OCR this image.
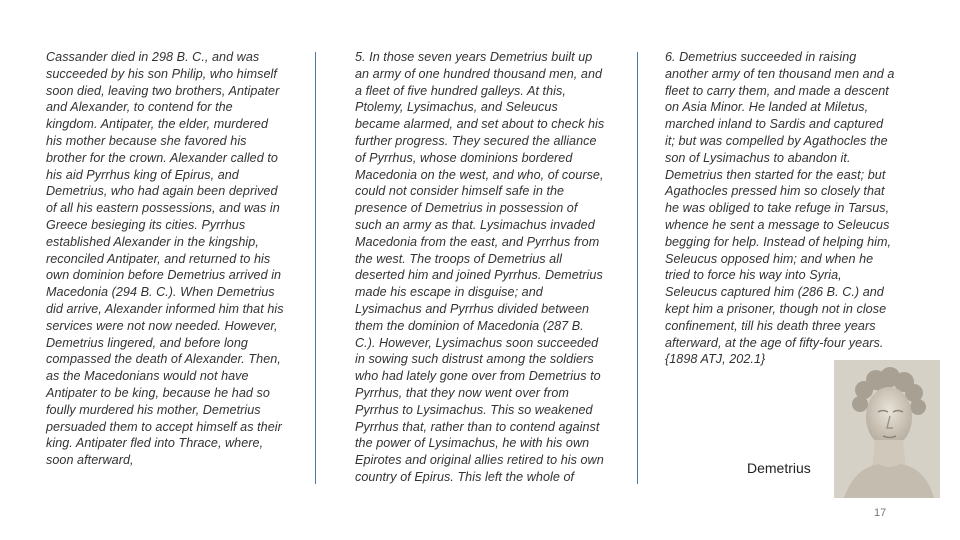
Cassander died in 298 B. C., and was succeeded by his son Philip, who himself soon died, leaving two brothers, Antipater and Alexander, to contend for the kingdom. Antipater, the elder, murdered his mother because she favored his brother for the crown. Alexander called to his aid Pyrrhus king of Epirus, and Demetrius, who had again been deprived of all his eastern possessions, and was in Greece besieging its cities. Pyrrhus established Alexander in the kingship, reconciled Antipater, and returned to his own dominion before Demetrius arrived in Macedonia (294 B. C.). When Demetrius did arrive, Alexander informed him that his services were not now needed. However, Demetrius lingered, and before long compassed the death of Alexander. Then, as the Macedonians would not have Antipater to be king, because he had so foully murdered his mother, Demetrius persuaded them to accept himself as their king. Antipater fled into Thrace, where, soon afterward,

5. In those seven years Demetrius built up an army of one hundred thousand men, and a fleet of five hundred galleys. At this, Ptolemy, Lysimachus, and Seleucus became alarmed, and set about to check his further progress. They secured the alliance of Pyrrhus, whose dominions bordered Macedonia on the west, and who, of course, could not consider himself safe in the presence of Demetrius in possession of such an army as that. Lysimachus invaded Macedonia from the east, and Pyrrhus from the west. The troops of Demetrius all deserted him and joined Pyrrhus. Demetrius made his escape in disguise; and Lysimachus and Pyrrhus divided between them the dominion of Macedonia (287 B. C.). However, Lysimachus soon succeeded in sowing such distrust among the soldiers who had lately gone over from Demetrius to Pyrrhus, that they now went over from Pyrrhus to Lysimachus. This so weakened Pyrrhus that, rather than to contend against the power of Lysimachus, he with his own Epirotes and original allies retired to his own country of Epirus. This left the whole of

6. Demetrius succeeded in raising another army of ten thousand men and a fleet to carry them, and made a descent on Asia Minor. He landed at Miletus, marched inland to Sardis and captured it; but was compelled by Agathocles the son of Lysimachus to abandon it. Demetrius then started for the east; but Agathocles pressed him so closely that he was obliged to take refuge in Tarsus, whence he sent a message to Seleucus begging for help. Instead of helping him, Seleucus opposed him; and when he tried to force his way into Syria, Seleucus captured him (286 B. C.) and kept him a prisoner, though not in close confinement, till his death three years afterward, at the age of fifty-four years. {1898 ATJ, 202.1}

Demetrius
17
